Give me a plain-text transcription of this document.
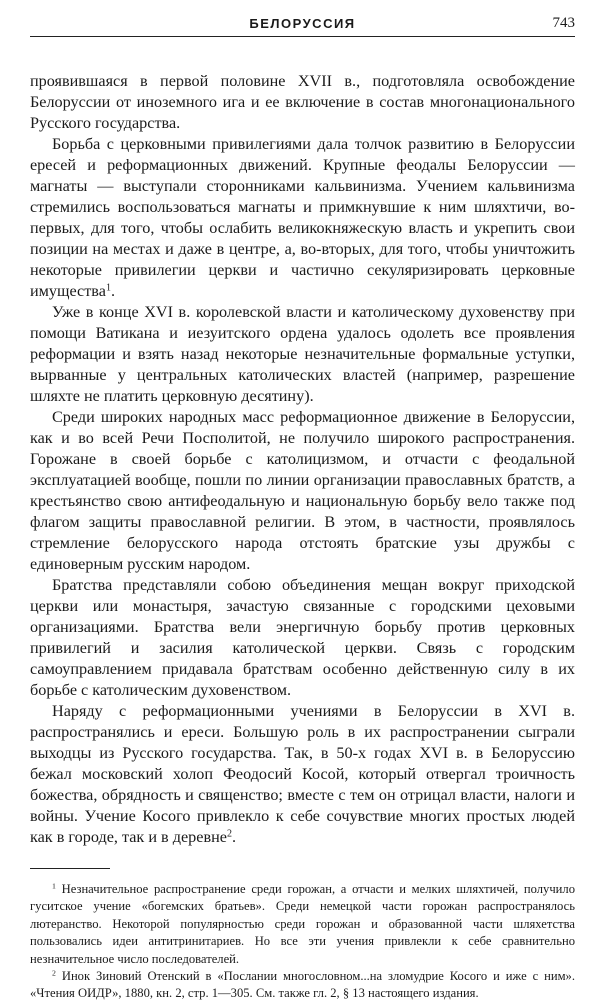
БЕЛОРУССИЯ	743

проявившаяся в первой половине XVII в., подготовляла освобождение Белоруссии от иноземного ига и ее включение в состав многонационального Русского государства.

Борьба с церковными привилегиями дала толчок развитию в Белоруссии ересей и реформационных движений. Крупные феодалы Белоруссии — магнаты — выступали сторонниками кальвинизма. Учением кальвинизма стремились воспользоваться магнаты и примкнувшие к ним шляхтичи, во-первых, для того, чтобы ослабить великокняжескую власть и укрепить свои позиции на местах и даже в центре, а, во-вторых, для того, чтобы уничтожить некоторые привилегии церкви и частично секуляризировать церковные имущества$^1$.

Уже в конце XVI в. королевской власти и католическому духовенству при помощи Ватикана и иезуитского ордена удалось одолеть все проявления реформации и взять назад некоторые незначительные формальные уступки, вырванные у центральных католических властей (например, разрешение шляхте не платить церковную десятину).

Среди широких народных масс реформационное движение в Белоруссии, как и во всей Речи Посполитой, не получило широкого распространения. Горожане в своей борьбе с католицизмом, и отчасти с феодальной эксплуатацией вообще, пошли по линии организации православных братств, а крестьянство свою антифеодальную и национальную борьбу вело также под флагом защиты православной религии. В этом, в частности, проявлялось стремление белорусского народа отстоять братские узы дружбы с единоверным русским народом.

Братства представляли собою объединения мещан вокруг приходской церкви или монастыря, зачастую связанные с городскими цеховыми организациями. Братства вели энергичную борьбу против церковных привилегий и засилия католической церкви. Связь с городским самоуправлением придавала братствам особенно действенную силу в их борьбе с католическим духовенством.

Наряду с реформационными учениями в Белоруссии в XVI в. распространялись и ереси. Большую роль в их распространении сыграли выходцы из Русского государства. Так, в 50-х годах XVI в. в Белоруссию бежал московский холоп Феодосий Косой, который отвергал троичность божества, обрядность и священство; вместе с тем он отрицал власти, налоги и войны. Учение Косого привлекло к себе сочувствие многих простых людей как в городе, так и в деревне$^2$.

$^1$ Незначительное распространение среди горожан, а отчасти и мелких шляхтичей, получило гуситское учение «богемских братьев». Среди немецкой части горожан распространялось лютеранство. Некоторой популярностью среди горожан и образованной части шляхетства пользовались идеи антитринитариев. Но все эти учения привлекли к себе сравнительно незначительное число последователей.

$^2$ Инок Зиновий Отенский в «Послании многословном...на зломудрие Косого и иже с ним». «Чтения ОИДР», 1880, кн. 2, стр. 1—305. См. также гл. 2, § 13 настоящего издания.
